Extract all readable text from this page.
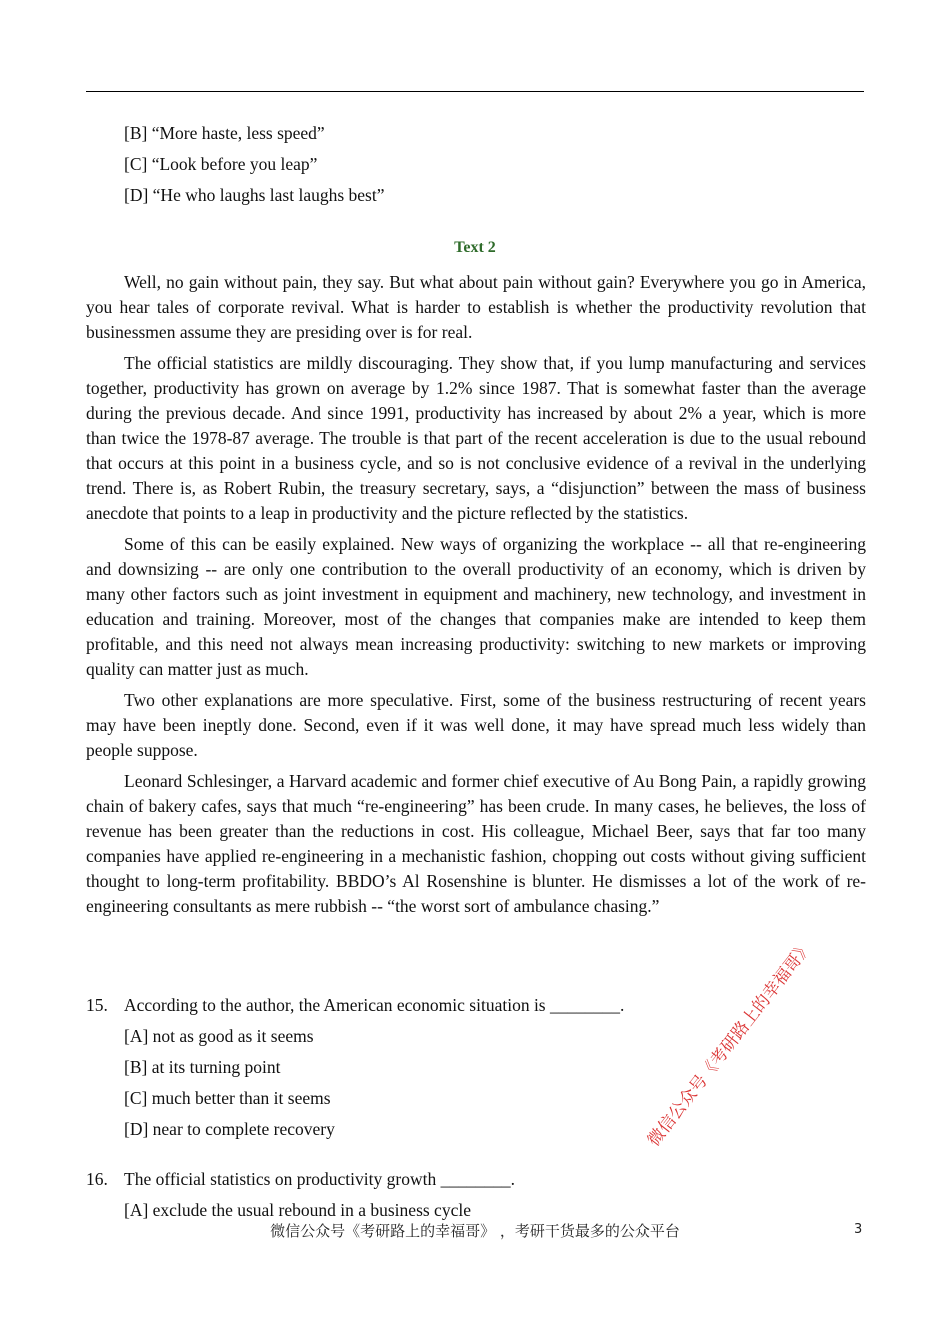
[B] “More haste, less speed”
[C] “Look before you leap”
[D] “He who laughs last laughs best”
Text 2

Well, no gain without pain, they say. But what about pain without gain? Everywhere you go in America, you hear tales of corporate revival. What is harder to establish is whether the productivity revolution that businessmen assume they are presiding over is for real.

The official statistics are mildly discouraging. They show that, if you lump manufacturing and services together, productivity has grown on average by 1.2% since 1987. That is somewhat faster than the average during the previous decade. And since 1991, productivity has increased by about 2% a year, which is more than twice the 1978-87 average. The trouble is that part of the recent acceleration is due to the usual rebound that occurs at this point in a business cycle, and so is not conclusive evidence of a revival in the underlying trend. There is, as Robert Rubin, the treasury secretary, says, a “disjunction” between the mass of business anecdote that points to a leap in productivity and the picture reflected by the statistics.

Some of this can be easily explained. New ways of organizing the workplace -- all that re-engineering and downsizing -- are only one contribution to the overall productivity of an economy, which is driven by many other factors such as joint investment in equipment and machinery, new technology, and investment in education and training. Moreover, most of the changes that companies make are intended to keep them profitable, and this need not always mean increasing productivity: switching to new markets or improving quality can matter just as much.

Two other explanations are more speculative. First, some of the business restructuring of recent years may have been ineptly done. Second, even if it was well done, it may have spread much less widely than people suppose.

Leonard Schlesinger, a Harvard academic and former chief executive of Au Bong Pain, a rapidly growing chain of bakery cafes, says that much “re-engineering” has been crude. In many cases, he believes, the loss of revenue has been greater than the reductions in cost. His colleague, Michael Beer, says that far too many companies have applied re-engineering in a mechanistic fashion, chopping out costs without giving sufficient thought to long-term profitability. BBDO’s Al Rosenshine is blunter. He dismisses a lot of the work of re-engineering consultants as mere rubbish -- “the worst sort of ambulance chasing.”

15. According to the author, the American economic situation is ________.
[A] not as good as it seems
[B] at its turning point
[C] much better than it seems
[D] near to complete recovery
16. The official statistics on productivity growth ________.
[A] exclude the usual rebound in a business cycle
微信公众号《考研路上的幸福哥》
微信公众号《考研路上的幸福哥》 ，考研干货最多的公众平台	3
